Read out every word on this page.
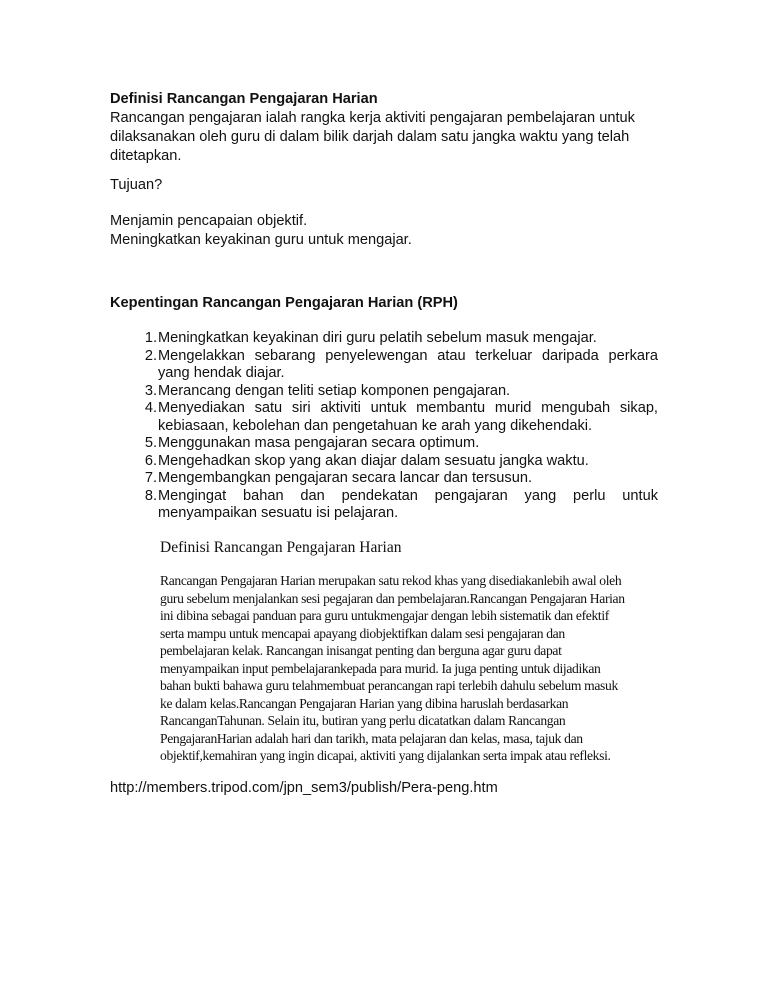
Definisi Rancangan Pengajaran Harian
Rancangan pengajaran ialah rangka kerja aktiviti pengajaran pembelajaran untuk dilaksanakan oleh guru di dalam bilik darjah dalam satu jangka waktu yang telah ditetapkan.
Tujuan?
Menjamin pencapaian objektif.
Meningkatkan keyakinan guru untuk mengajar.
Kepentingan Rancangan Pengajaran Harian (RPH)
1. Meningkatkan keyakinan diri guru pelatih sebelum masuk mengajar.
2. Mengelakkan sebarang penyelewengan atau terkeluar daripada perkara yang hendak diajar.
3. Merancang dengan teliti setiap komponen pengajaran.
4. Menyediakan satu siri aktiviti untuk membantu murid mengubah sikap, kebiasaan, kebolehan dan pengetahuan ke arah yang dikehendaki.
5. Menggunakan masa pengajaran secara optimum.
6. Mengehadkan skop yang akan diajar dalam sesuatu jangka waktu.
7. Mengembangkan pengajaran secara lancar dan tersusun.
8. Mengingat bahan dan pendekatan pengajaran yang perlu untuk menyampaikan sesuatu isi pelajaran.
Definisi Rancangan Pengajaran Harian
Rancangan Pengajaran Harian merupakan satu rekod khas yang disediakanlebih awal oleh
guru sebelum menjalankan sesi pegajaran dan pembelajaran.Rancangan Pengajaran Harian
ini dibina sebagai panduan para guru untukmengajar dengan lebih sistematik dan efektif
serta mampu untuk mencapai apayang diobjektifkan dalam sesi pengajaran dan
pembelajaran kelak. Rancangan inisangat penting dan berguna agar guru dapat
menyampaikan input pembelajarankepada para murid. Ia juga penting untuk dijadikan
bahan bukti bahawa guru telahmembuat perancangan rapi terlebih dahulu sebelum masuk
ke dalam kelas.Rancangan Pengajaran Harian yang dibina haruslah berdasarkan
RancanganTahunan. Selain itu, butiran yang perlu dicatatkan dalam Rancangan
PengajaranHarian adalah hari dan tarikh, mata pelajaran dan kelas, masa, tajuk dan
objektif,kemahiran yang ingin dicapai, aktiviti yang dijalankan serta impak atau refleksi.
http://members.tripod.com/jpn_sem3/publish/Pera-peng.htm
